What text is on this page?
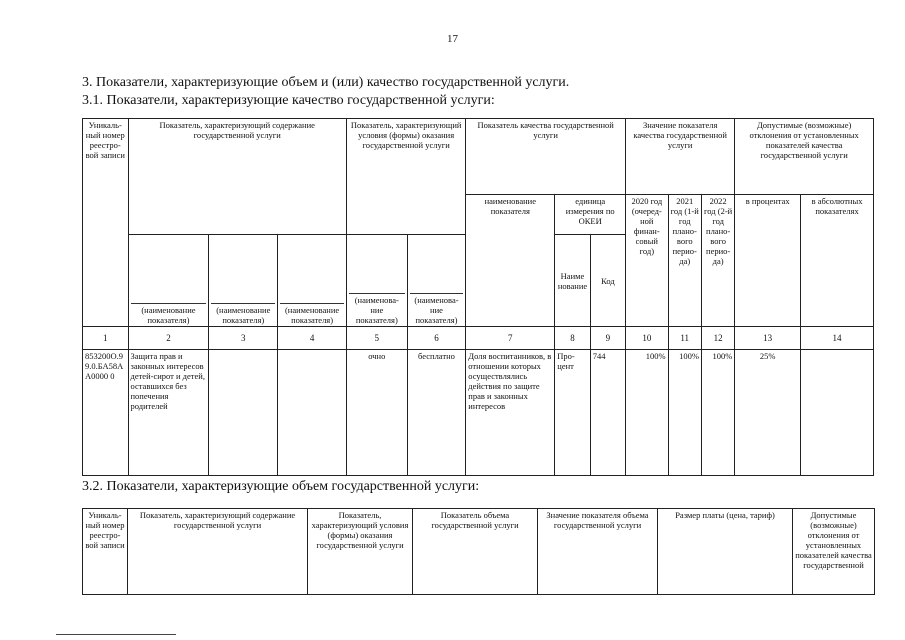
17
3. Показатели, характеризующие объем и (или) качество государственной услуги.
3.1. Показатели, характеризующие качество государственной услуги:
Уникаль-ный номер реестро-вой записи	Показатель, характеризующий содержание государственной услуги			Показатель, характеризующий условия (формы) оказания государственной услуги		Показатель качества государственной услуги			Значение показателя качества государственной услуги			Допустимые (возможные) отклонения от установленных показателей качества государственной услуги	
						наименование показателя	единица измерения по ОКЕИ		2020 год (очеред-ной финан-совый год)	2021 год (1-й год плано-вого перио-да)	2022 год (2-й год плано-вого перио-да)	в процентах	в абсолютных показателях
	(наименование показателя)	(наименование показателя)	(наименование показателя)	(наименова-ние показателя)	(наименова-ние показателя)		Наиме нование	Код					
1	2	3	4	5	6	7	8	9	10	11	12	13	14
853200О.99.0.БА58АА0000 0	Защита прав и законных интересов детей-сирот и детей, оставшихся без попечения родителей			очно	бесплатно	Доля воспитанников, в отношении которых осуществлялись действия по защите прав и законных интересов	Про-цент	744	100%	100%	100%	25%	
3.2. Показатели, характеризующие объем государственной услуги:
Уникаль-ный номер реестро-вой записи	Показатель, характеризующий содержание государственной услуги	Показатель, характеризующий условия (формы) оказания государственной услуги	Показатель объема государственной услуги	Значение показателя объема государственной услуги	Размер платы (цена, тариф)	Допустимые (возможные) отклонения от установленных показателей качества государственной
